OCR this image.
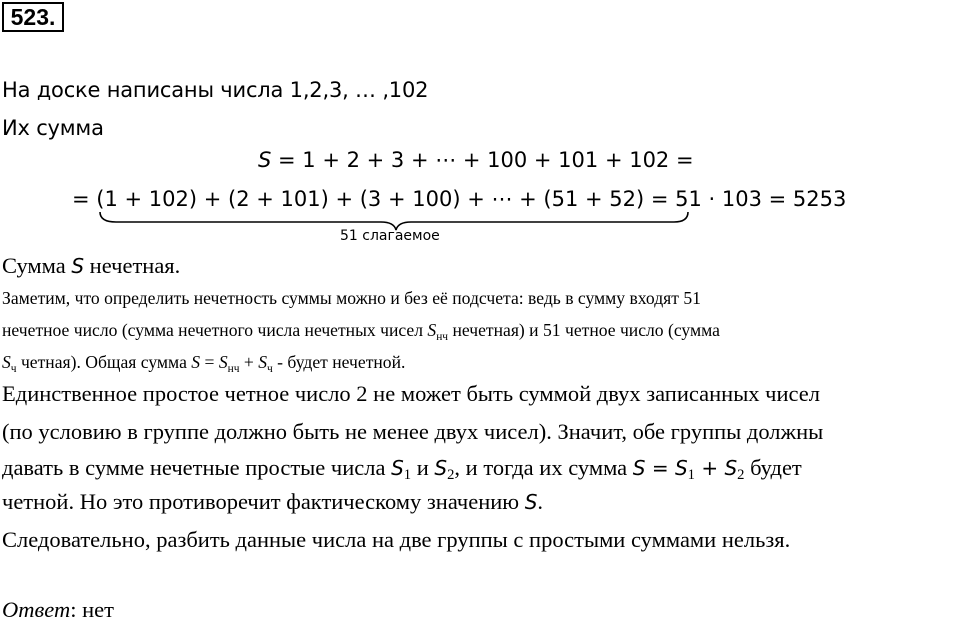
523.
На доске написаны числа 1,2,3, … ,102
Их сумма
S = 1 + 2 + 3 + ⋯ + 100 + 101 + 102 =
= (1 + 102) + (2 + 101) + (3 + 100) + ⋯ + (51 + 52) = 51 · 103 = 5253
51 слагаемое
Сумма S нечетная.
Заметим, что определить нечетность суммы можно и без её подсчета: ведь в сумму входят 51
нечетное число (сумма нечетного числа нечетных чисел $S_{нч}$ нечетная) и 51 четное число (сумма
$S_ч$ четная). Общая сумма $S = S_{нч} + S_ч$ - будет нечетной.
Единственное простое четное число 2 не может быть суммой двух записанных чисел
(по условию в группе должно быть не менее двух чисел). Значит, обе группы должны
давать в сумме нечетные простые числа $S_1$ и $S_2$, и тогда их сумма $S = S_1 + S_2$ будет
четной. Но это противоречит фактическому значению S.
Следовательно, разбить данные числа на две группы с простыми суммами нельзя.
Ответ: нет
